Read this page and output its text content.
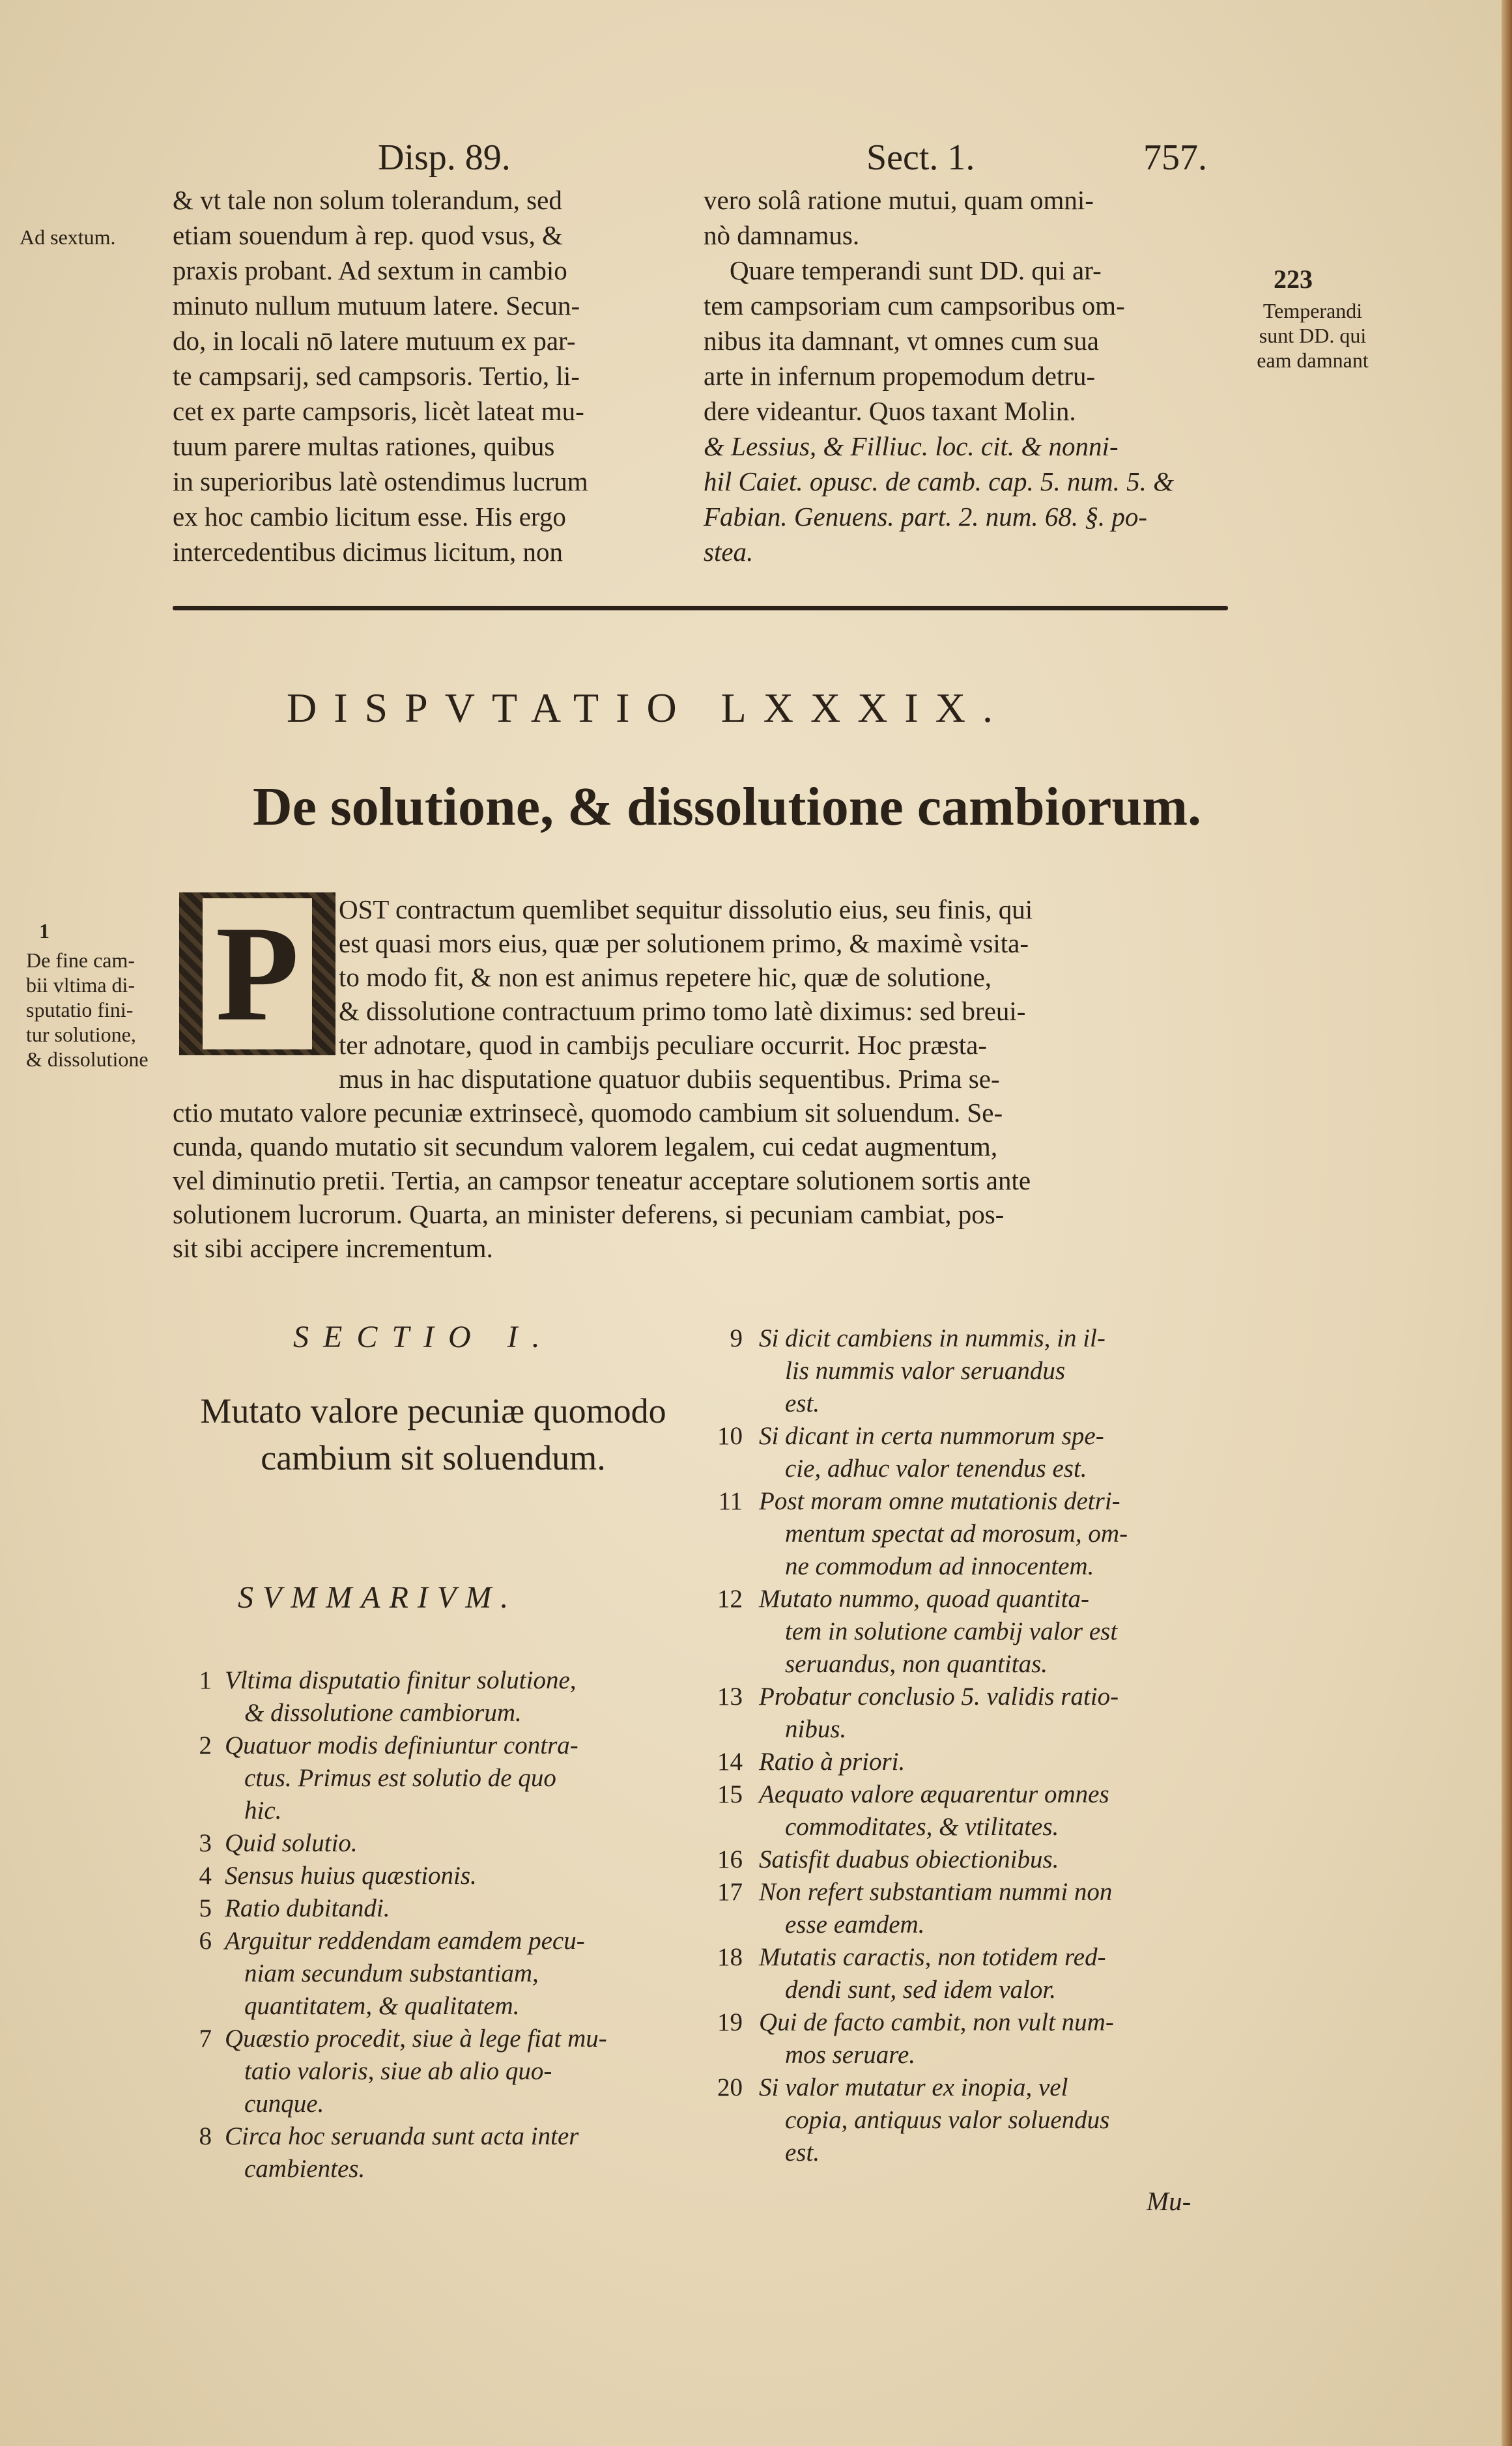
Disp. 89.	Sect. 1.	757.
& vt tale non solum tolerandum, sed
etiam souendum à rep. quod vsus, &
praxis probant. Ad sextum in cambio
minuto nullum mutuum latere. Secun-
do, in locali nō latere mutuum ex par-
te campsarij, sed campsoris. Tertio, li-
cet ex parte campsoris, licèt lateat mu-
tuum parere multas rationes, quibus
in superioribus latè ostendimus lucrum
ex hoc cambio licitum esse. His ergo
intercedentibus dicimus licitum, non
vero solâ ratione mutui, quam omni-
nò damnamus.
Quare temperandi sunt DD. qui ar-
tem campsoriam cum campsoribus om-
nibus ita damnant, vt omnes cum sua
arte in infernum propemodum detru-
dere videantur. Quos taxant Molin.
& Lessius, & Filliuc. loc. cit. & nonni-
hil Caiet. opusc. de camb. cap. 5. num. 5. &
Fabian. Genuens. part. 2. num. 68. §. po-
stea.
Ad sextum.
223
Temperandi
sunt DD. qui
eam damnant
DISPVTATIO LXXXIX.
De solutione, & dissolutione cambiorum.
1
De fine cam-
bii vltima di-
sputatio fini-
tur solutione,
& dissolutione
P	OST contractum quemlibet sequitur dissolutio eius, seu finis, qui
est quasi mors eius, quæ per solutionem primo, & maximè vsita-
to modo fit, & non est animus repetere hic, quæ de solutione,
& dissolutione contractuum primo tomo latè diximus: sed breui-
ter adnotare, quod in cambijs peculiare occurrit. Hoc præsta-
mus in hac disputatione quatuor dubiis sequentibus. Prima se-
ctio mutato valore pecuniæ extrinsecè, quomodo cambium sit soluendum. Se-
cunda, quando mutatio sit secundum valorem legalem, cui cedat augmentum,
vel diminutio pretii. Tertia, an campsor teneatur acceptare solutionem sortis ante
solutionem lucrorum. Quarta, an minister deferens, si pecuniam cambiat, pos-
sit sibi accipere incrementum.
SECTIO I.
Mutato valore pecuniæ quomodo cambium sit soluendum.
SVMMARIVM.
1 Vltima disputatio finitur solutione,
& dissolutione cambiorum.
2 Quatuor modis definiuntur contra-
ctus. Primus est solutio de quo
hic.
3 Quid solutio.
4 Sensus huius quæstionis.
5 Ratio dubitandi.
6 Arguitur reddendam eamdem pecu-
niam secundum substantiam,
quantitatem, & qualitatem.
7 Quæstio procedit, siue à lege fiat mu-
tatio valoris, siue ab alio quo-
cunque.
8 Circa hoc seruanda sunt acta inter
cambientes.
9 Si dicit cambiens in nummis, in il-
lis nummis valor seruandus
est.
10 Si dicant in certa nummorum spe-
cie, adhuc valor tenendus est.
11 Post moram omne mutationis detri-
mentum spectat ad morosum, om-
ne commodum ad innocentem.
12 Mutato nummo, quoad quantita-
tem in solutione cambij valor est
seruandus, non quantitas.
13 Probatur conclusio 5. validis ratio-
nibus.
14 Ratio à priori.
15 Aequato valore æquarentur omnes
commoditates, & vtilitates.
16 Satisfit duabus obiectionibus.
17 Non refert substantiam nummi non
esse eamdem.
18 Mutatis caractis, non totidem red-
dendi sunt, sed idem valor.
19 Qui de facto cambit, non vult num-
mos seruare.
20 Si valor mutatur ex inopia, vel
copia, antiquus valor soluendus
est.
Mu-
